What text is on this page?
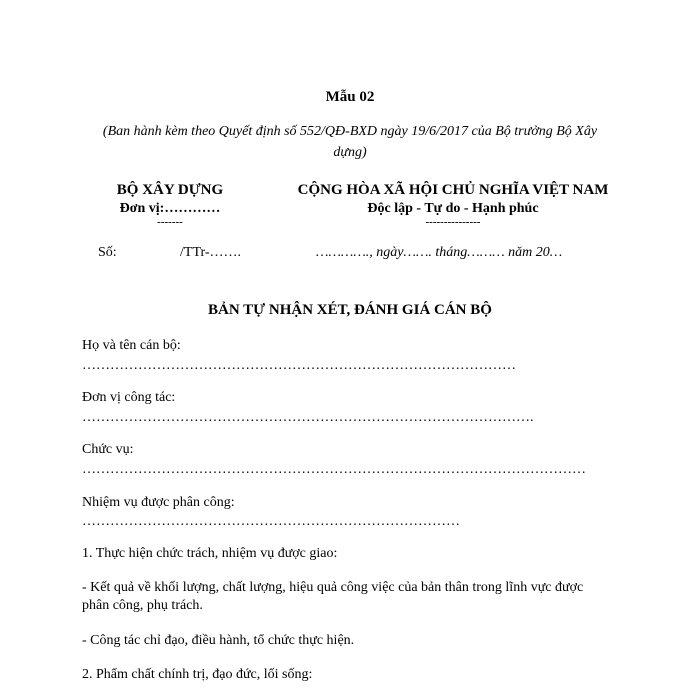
Mẫu 02
(Ban hành kèm theo Quyết định số 552/QĐ-BXD ngày 19/6/2017 của Bộ trưởng Bộ Xây
dựng)
BỘ XÂY DỰNG
Đơn vị:…………
-------
CỘNG HÒA XÃ HỘI CHỦ NGHĨA VIỆT NAM
Độc lập - Tự do - Hạnh phúc
---------------
Số:	/TTr-…….	…………., ngày……. tháng……… năm 20…
BẢN TỰ NHẬN XÉT, ĐÁNH GIÁ CÁN BỘ
Họ và tên cán bộ:
…………………………………………………………………………………
Đơn vị công tác:
…………………………………………………………………………………….
Chức vụ:
………………………………………………………………………………………………
Nhiệm vụ được phân công:
………………………………………………………………………
1. Thực hiện chức trách, nhiệm vụ được giao:
- Kết quả về khối lượng, chất lượng, hiệu quả công việc của bản thân trong lĩnh vực được
phân công, phụ trách.
- Công tác chỉ đạo, điều hành, tổ chức thực hiện.
2. Phẩm chất chính trị, đạo đức, lối sống:
